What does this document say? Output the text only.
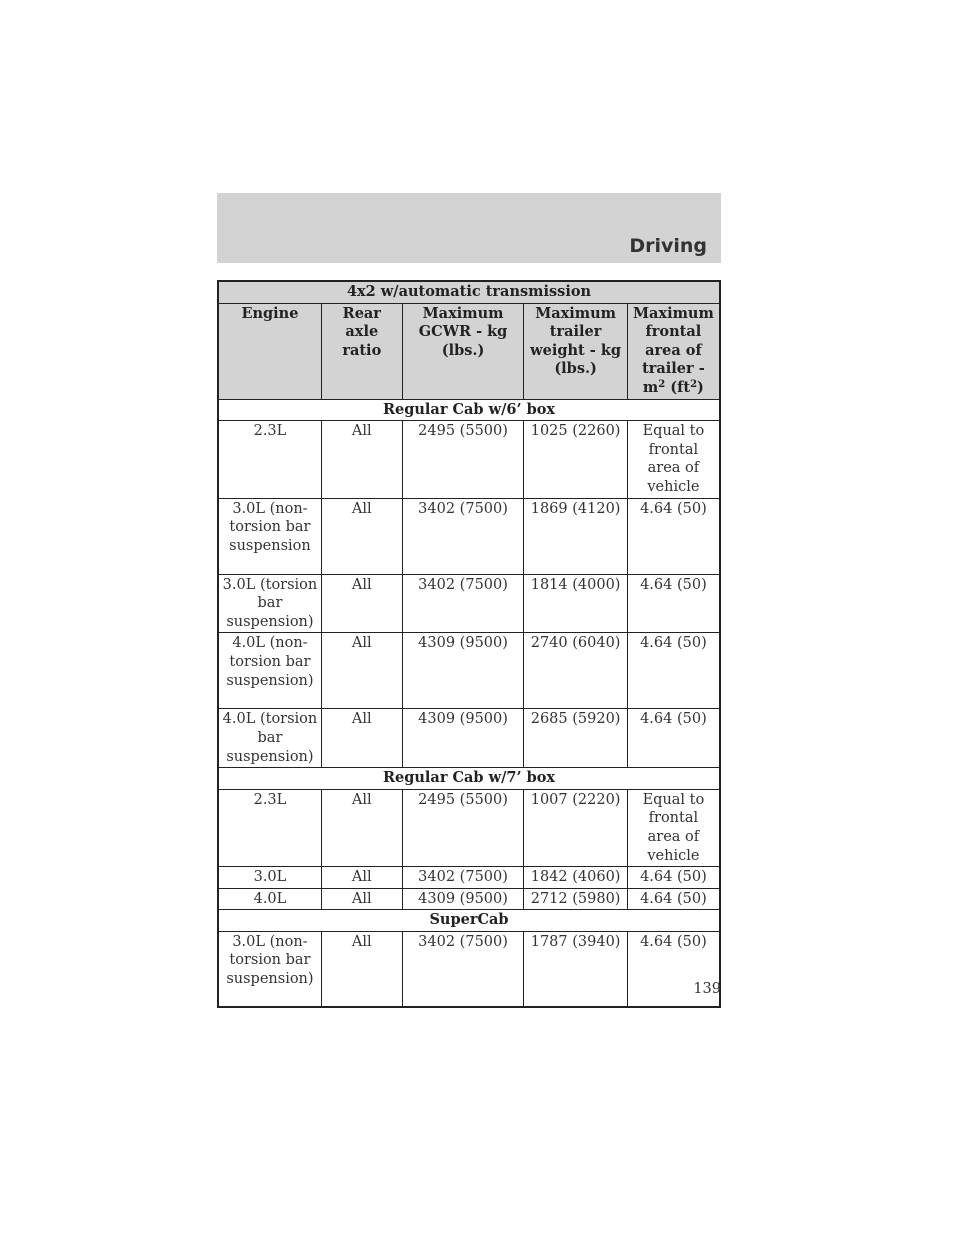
Driving
4x2 w/automatic transmission				
Engine	Rear axle ratio	Maximum GCWR - kg (lbs.)	Maximum trailer weight - kg (lbs.)	Maximum frontal area of trailer - $m^2$ $(ft^2)$
Regular Cab w/6’ box				
2.3L	All	2495 (5500)	1025 (2260)	Equal to frontal area of vehicle
3.0L (non-torsion bar suspension	All	3402 (7500)	1869 (4120)	4.64 (50)
3.0L (torsion bar suspension)	All	3402 (7500)	1814 (4000)	4.64 (50)
4.0L (non-torsion bar suspension)	All	4309 (9500)	2740 (6040)	4.64 (50)
4.0L (torsion bar suspension)	All	4309 (9500)	2685 (5920)	4.64 (50)
Regular Cab w/7’ box				
2.3L	All	2495 (5500)	1007 (2220)	Equal to frontal area of vehicle
3.0L	All	3402 (7500)	1842 (4060)	4.64 (50)
4.0L	All	4309 (9500)	2712 (5980)	4.64 (50)
SuperCab				
3.0L (non-torsion bar suspension)	All	3402 (7500)	1787 (3940)	4.64 (50)
139
